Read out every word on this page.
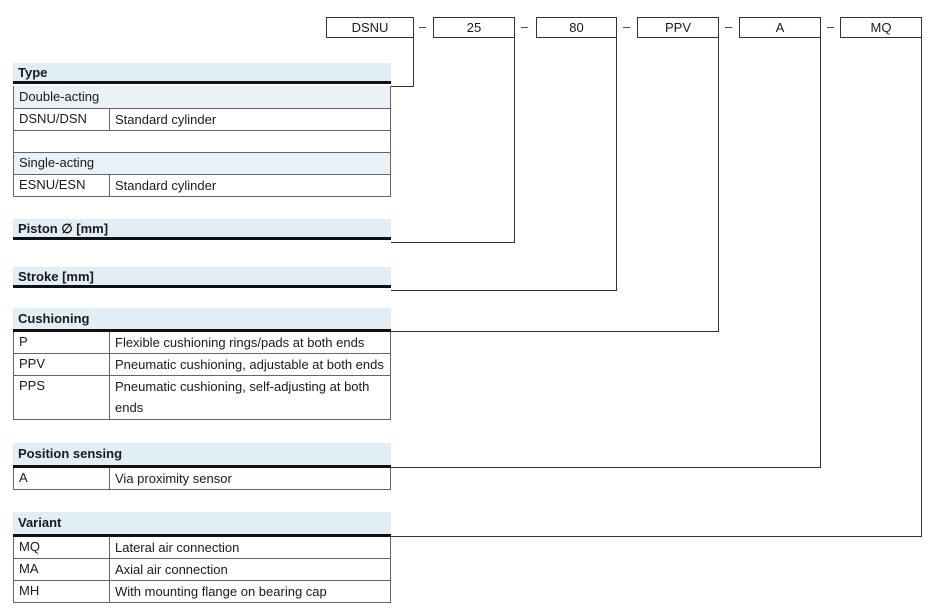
DSNU	–	25	–	80	–	PPV	–	A	–	MQ
Type
Double-acting
DSNU/DSN	Standard cylinder
Single-acting
ESNU/ESN	Standard cylinder
Piston ∅ [mm]
Stroke [mm]
Cushioning
P	Flexible cushioning rings/pads at both ends
PPV	Pneumatic cushioning, adjustable at both ends
PPS	Pneumatic cushioning, self-adjusting at both ends
Position sensing
A	Via proximity sensor
Variant
MQ	Lateral air connection
MA	Axial air connection
MH	With mounting flange on bearing cap
